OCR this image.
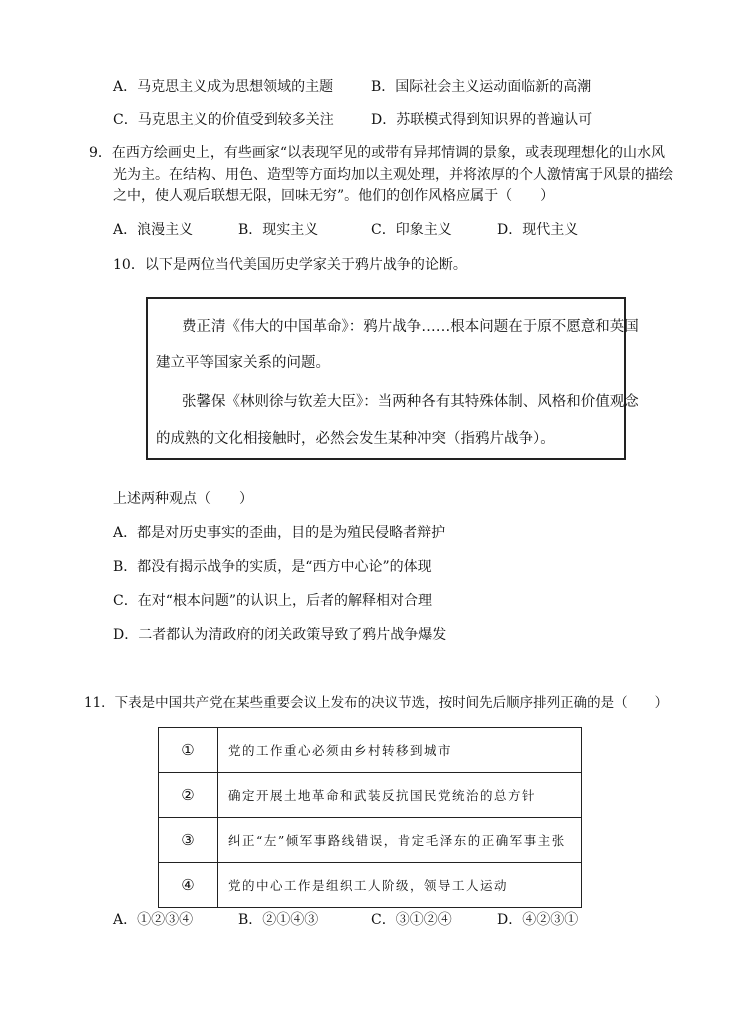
A．马克思主义成为思想领域的主题	B．国际社会主义运动面临新的高潮
C．马克思主义的价值受到较多关注	D．苏联模式得到知识界的普遍认可
9．在西方绘画史上，有些画家“以表现罕见的或带有异邦情调的景象，或表现理想化的山水风
光为主。在结构、用色、造型等方面均加以主观处理，并将浓厚的个人激情寓于风景的描绘
之中，使人观后联想无限，回味无穷”。他们的创作风格应属于（　　）
A．浪漫主义	B．现实主义	C．印象主义	D．现代主义
10．以下是两位当代美国历史学家关于鸦片战争的论断。
费正清《伟大的中国革命》：鸦片战争……根本问题在于原不愿意和英国
建立平等国家关系的问题。
张馨保《林则徐与钦差大臣》：当两种各有其特殊体制、风格和价值观念
的成熟的文化相接触时，必然会发生某种冲突（指鸦片战争）。
上述两种观点（　　）
A．都是对历史事实的歪曲，目的是为殖民侵略者辩护
B．都没有揭示战争的实质，是“西方中心论”的体现
C．在对“根本问题”的认识上，后者的解释相对合理
D．二者都认为清政府的闭关政策导致了鸦片战争爆发
11．下表是中国共产党在某些重要会议上发布的决议节选，按时间先后顺序排列正确的是（　　）
①	党的工作重心必须由乡村转移到城市
②	确定开展土地革命和武装反抗国民党统治的总方针
③	纠正“左”倾军事路线错误，肯定毛泽东的正确军事主张
④	党的中心工作是组织工人阶级，领导工人运动
A．①②③④	B．②①④③	C．③①②④	D．④②③①
